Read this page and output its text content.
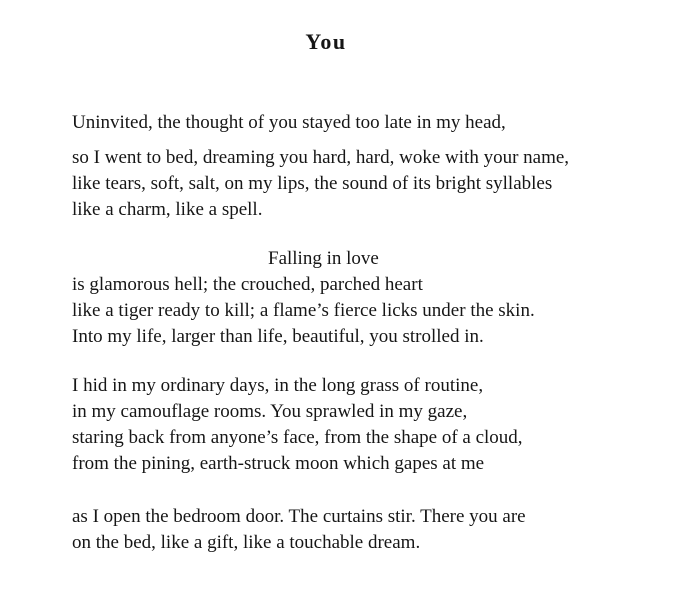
You
Uninvited, the thought of you stayed too late in my head,
so I went to bed, dreaming you hard, hard, woke with your name,
like tears, soft, salt, on my lips, the sound of its bright syllables
like a charm, like a spell.
Falling in love
is glamorous hell; the crouched, parched heart
like a tiger ready to kill; a flame’s fierce licks under the skin.
Into my life, larger than life, beautiful, you strolled in.
I hid in my ordinary days, in the long grass of routine,
in my camouflage rooms. You sprawled in my gaze,
staring back from anyone’s face, from the shape of a cloud,
from the pining, earth-struck moon which gapes at me
as I open the bedroom door. The curtains stir. There you are
on the bed, like a gift, like a touchable dream.
